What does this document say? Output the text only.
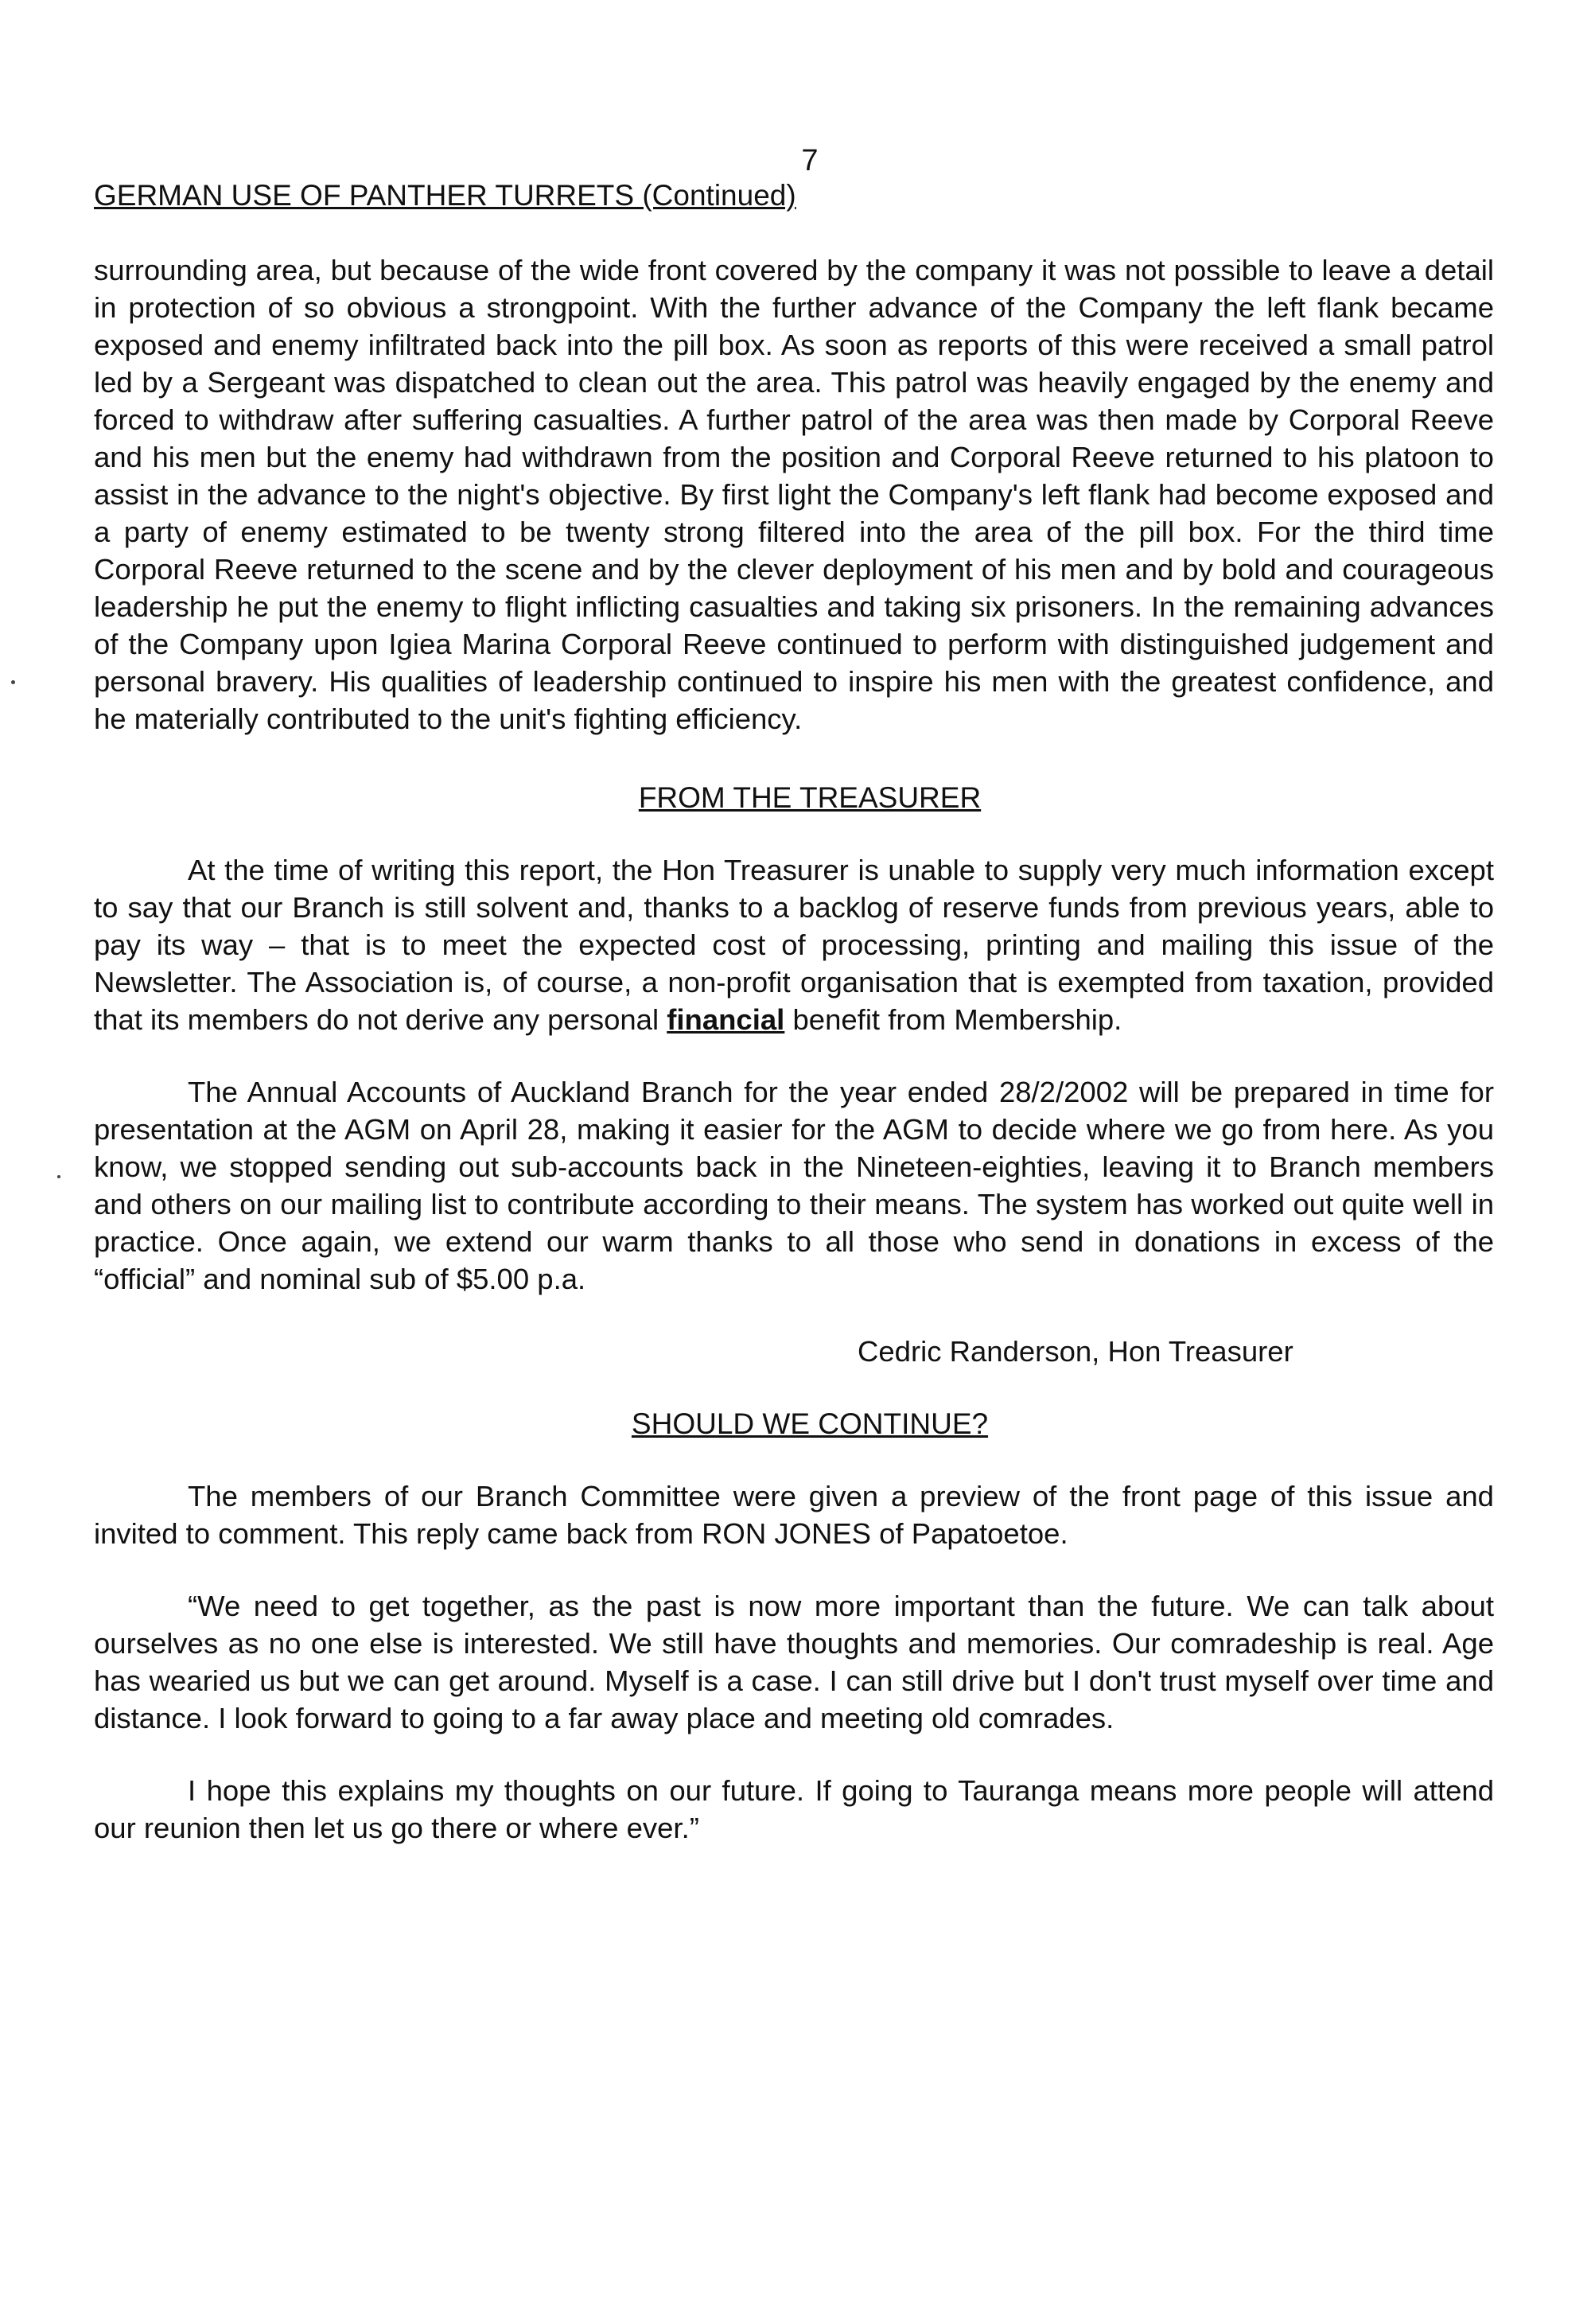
7
GERMAN USE OF PANTHER TURRETS (Continued)

surrounding area, but because of the wide front covered by the company it was not possible to leave a detail in protection of so obvious a strongpoint. With the further advance of the Company the left flank became exposed and enemy infiltrated back into the pill box. As soon as reports of this were received a small patrol led by a Sergeant was dispatched to clean out the area. This patrol was heavily engaged by the enemy and forced to withdraw after suffering casualties. A further patrol of the area was then made by Corporal Reeve and his men but the enemy had withdrawn from the position and Corporal Reeve returned to his platoon to assist in the advance to the night's objective. By first light the Company's left flank had become exposed and a party of enemy estimated to be twenty strong filtered into the area of the pill box. For the third time Corporal Reeve returned to the scene and by the clever deployment of his men and by bold and courageous leadership he put the enemy to flight inflicting casualties and taking six prisoners. In the remaining advances of the Company upon Igiea Marina Corporal Reeve continued to perform with distinguished judgement and personal bravery. His qualities of leadership continued to inspire his men with the greatest confidence, and he materially contributed to the unit's fighting efficiency.

FROM THE TREASURER

At the time of writing this report, the Hon Treasurer is unable to supply very much information except to say that our Branch is still solvent and, thanks to a backlog of reserve funds from previous years, able to pay its way – that is to meet the expected cost of processing, printing and mailing this issue of the Newsletter. The Association is, of course, a non-profit organisation that is exempted from taxation, provided that its members do not derive any personal financial benefit from Membership.

The Annual Accounts of Auckland Branch for the year ended 28/2/2002 will be prepared in time for presentation at the AGM on April 28, making it easier for the AGM to decide where we go from here. As you know, we stopped sending out sub-accounts back in the Nineteen-eighties, leaving it to Branch members and others on our mailing list to contribute according to their means. The system has worked out quite well in practice. Once again, we extend our warm thanks to all those who send in donations in excess of the “official” and nominal sub of $5.00 p.a.

Cedric Randerson, Hon Treasurer
SHOULD WE CONTINUE?

The members of our Branch Committee were given a preview of the front page of this issue and invited to comment. This reply came back from RON JONES of Papatoetoe.

“We need to get together, as the past is now more important than the future. We can talk about ourselves as no one else is interested. We still have thoughts and memories. Our comradeship is real. Age has wearied us but we can get around. Myself is a case. I can still drive but I don't trust myself over time and distance. I look forward to going to a far away place and meeting old comrades.

I hope this explains my thoughts on our future. If going to Tauranga means more people will attend our reunion then let us go there or where ever.”
